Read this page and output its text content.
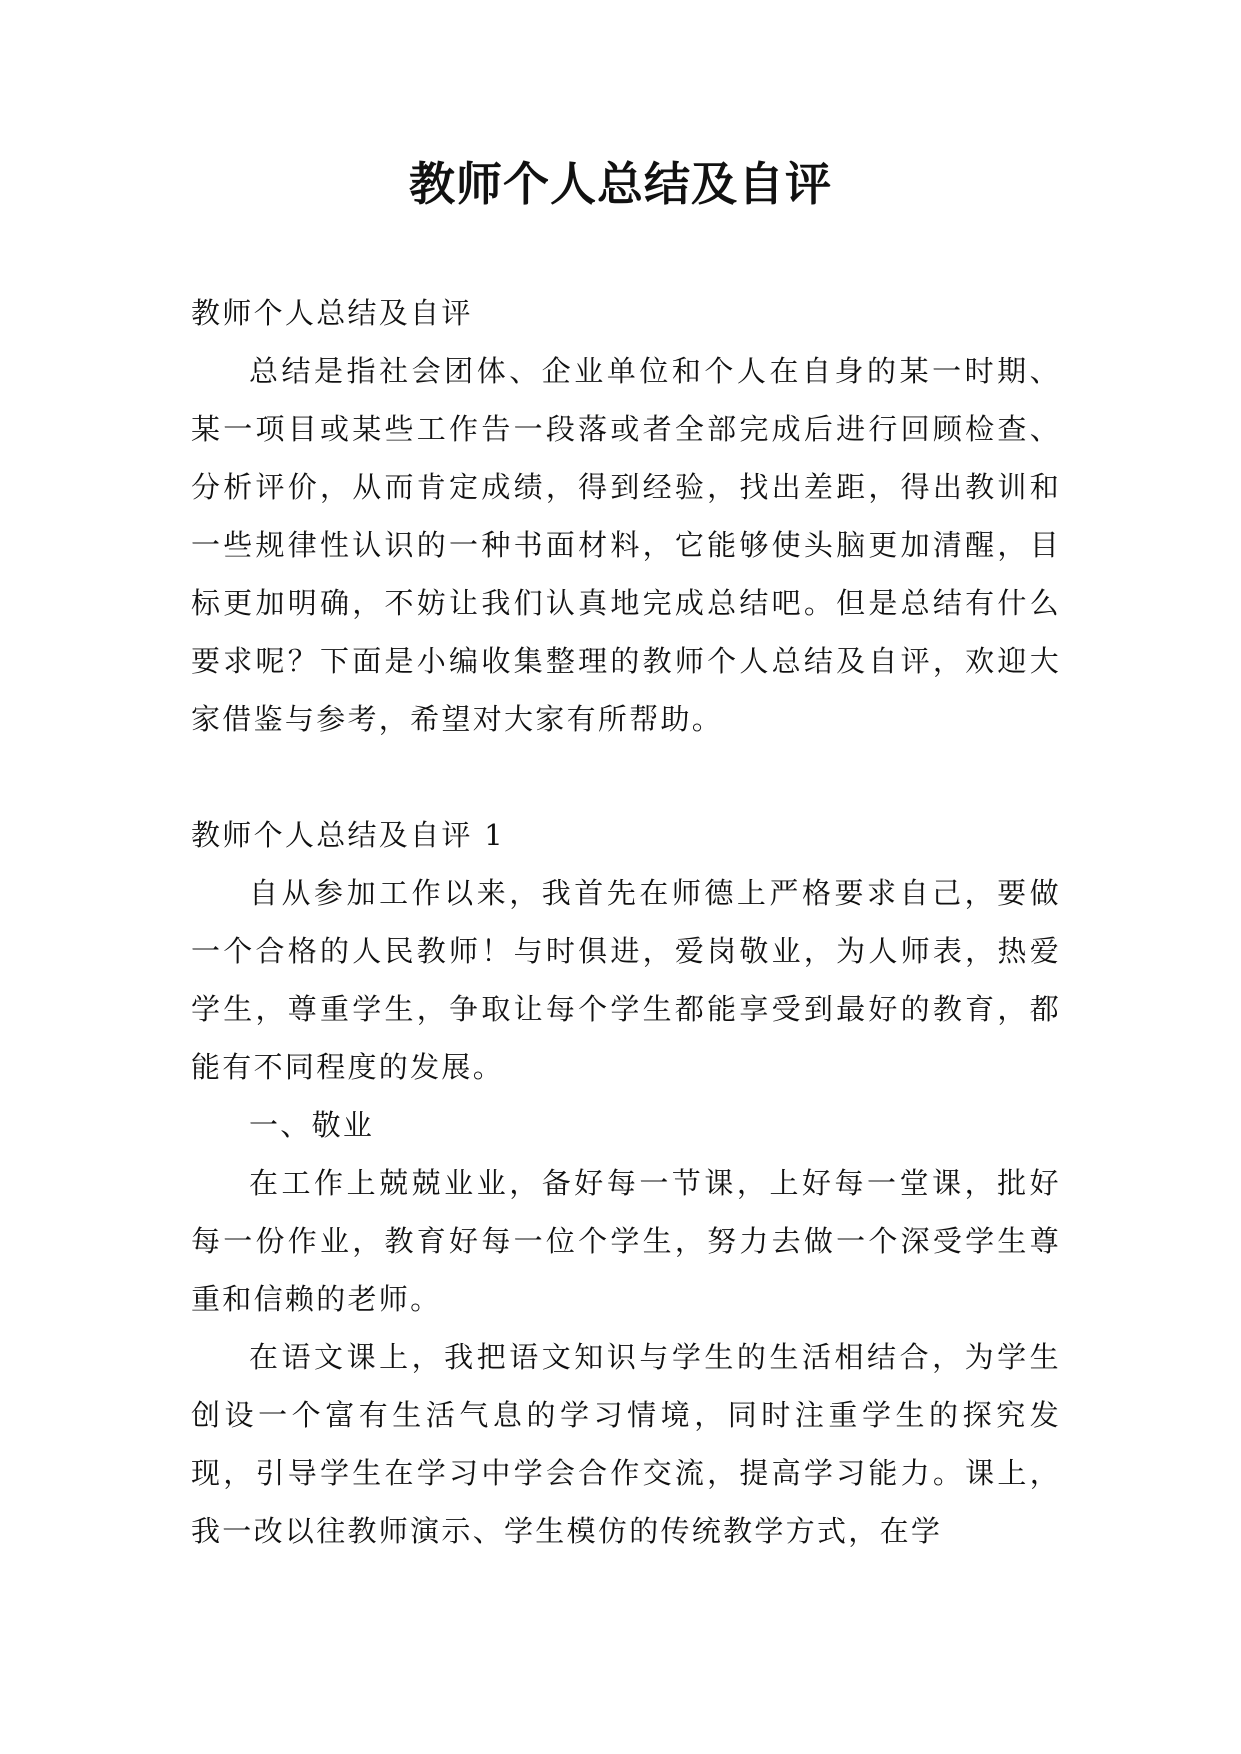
教师个人总结及自评

教师个人总结及自评

总结是指社会团体、企业单位和个人在自身的某一时期、某一项目或某些工作告一段落或者全部完成后进行回顾检查、分析评价，从而肯定成绩，得到经验，找出差距，得出教训和一些规律性认识的一种书面材料，它能够使头脑更加清醒，目标更加明确，不妨让我们认真地完成总结吧。但是总结有什么要求呢？下面是小编收集整理的教师个人总结及自评，欢迎大家借鉴与参考，希望对大家有所帮助。

教师个人总结及自评 1

自从参加工作以来，我首先在师德上严格要求自己，要做一个合格的人民教师！与时俱进，爱岗敬业，为人师表，热爱学生，尊重学生，争取让每个学生都能享受到最好的教育，都能有不同程度的发展。

一、敬业

在工作上兢兢业业，备好每一节课，上好每一堂课，批好每一份作业，教育好每一位个学生，努力去做一个深受学生尊重和信赖的老师。

在语文课上，我把语文知识与学生的生活相结合，为学生创设一个富有生活气息的学习情境，同时注重学生的探究发现，引导学生在学习中学会合作交流，提高学习能力。课上，我一改以往教师演示、学生模仿的传统教学方式，在学
